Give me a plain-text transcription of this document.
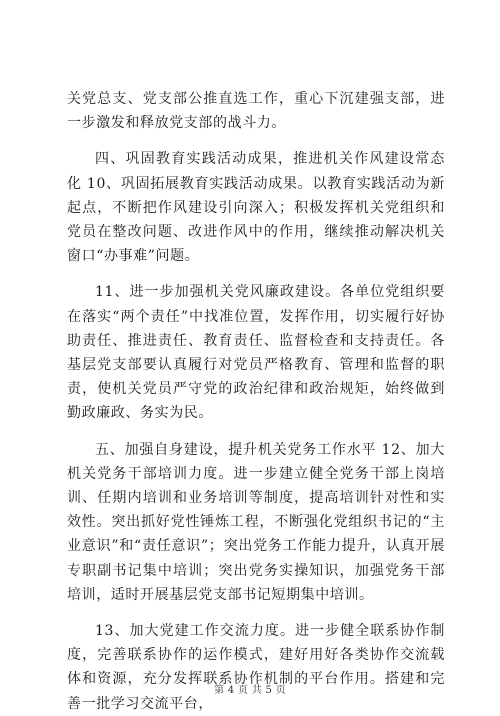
关党总支、党支部公推直选工作，重心下沉建强支部，进一步激发和释放党支部的战斗力。

四、巩固教育实践活动成果，推进机关作风建设常态化 10、巩固拓展教育实践活动成果。以教育实践活动为新起点，不断把作风建设引向深入；积极发挥机关党组织和党员在整改问题、改进作风中的作用，继续推动解决机关窗口“办事难”问题。

11、进一步加强机关党风廉政建设。各单位党组织要在落实“两个责任”中找准位置，发挥作用，切实履行好协助责任、推进责任、教育责任、监督检查和支持责任。各基层党支部要认真履行对党员严格教育、管理和监督的职责，使机关党员严守党的政治纪律和政治规矩，始终做到勤政廉政、务实为民。

五、加强自身建设，提升机关党务工作水平 12、加大机关党务干部培训力度。进一步建立健全党务干部上岗培训、任期内培训和业务培训等制度，提高培训针对性和实效性。突出抓好党性锤炼工程，不断强化党组织书记的“主业意识”和“责任意识”；突出党务工作能力提升，认真开展专职副书记集中培训；突出党务实操知识，加强党务干部培训，适时开展基层党支部书记短期集中培训。

13、加大党建工作交流力度。进一步健全联系协作制度，完善联系协作的运作模式，建好用好各类协作交流载体和资源，充分发挥联系协作机制的平台作用。搭建和完善一批学习交流平台，

第 4 页 共 5 页
